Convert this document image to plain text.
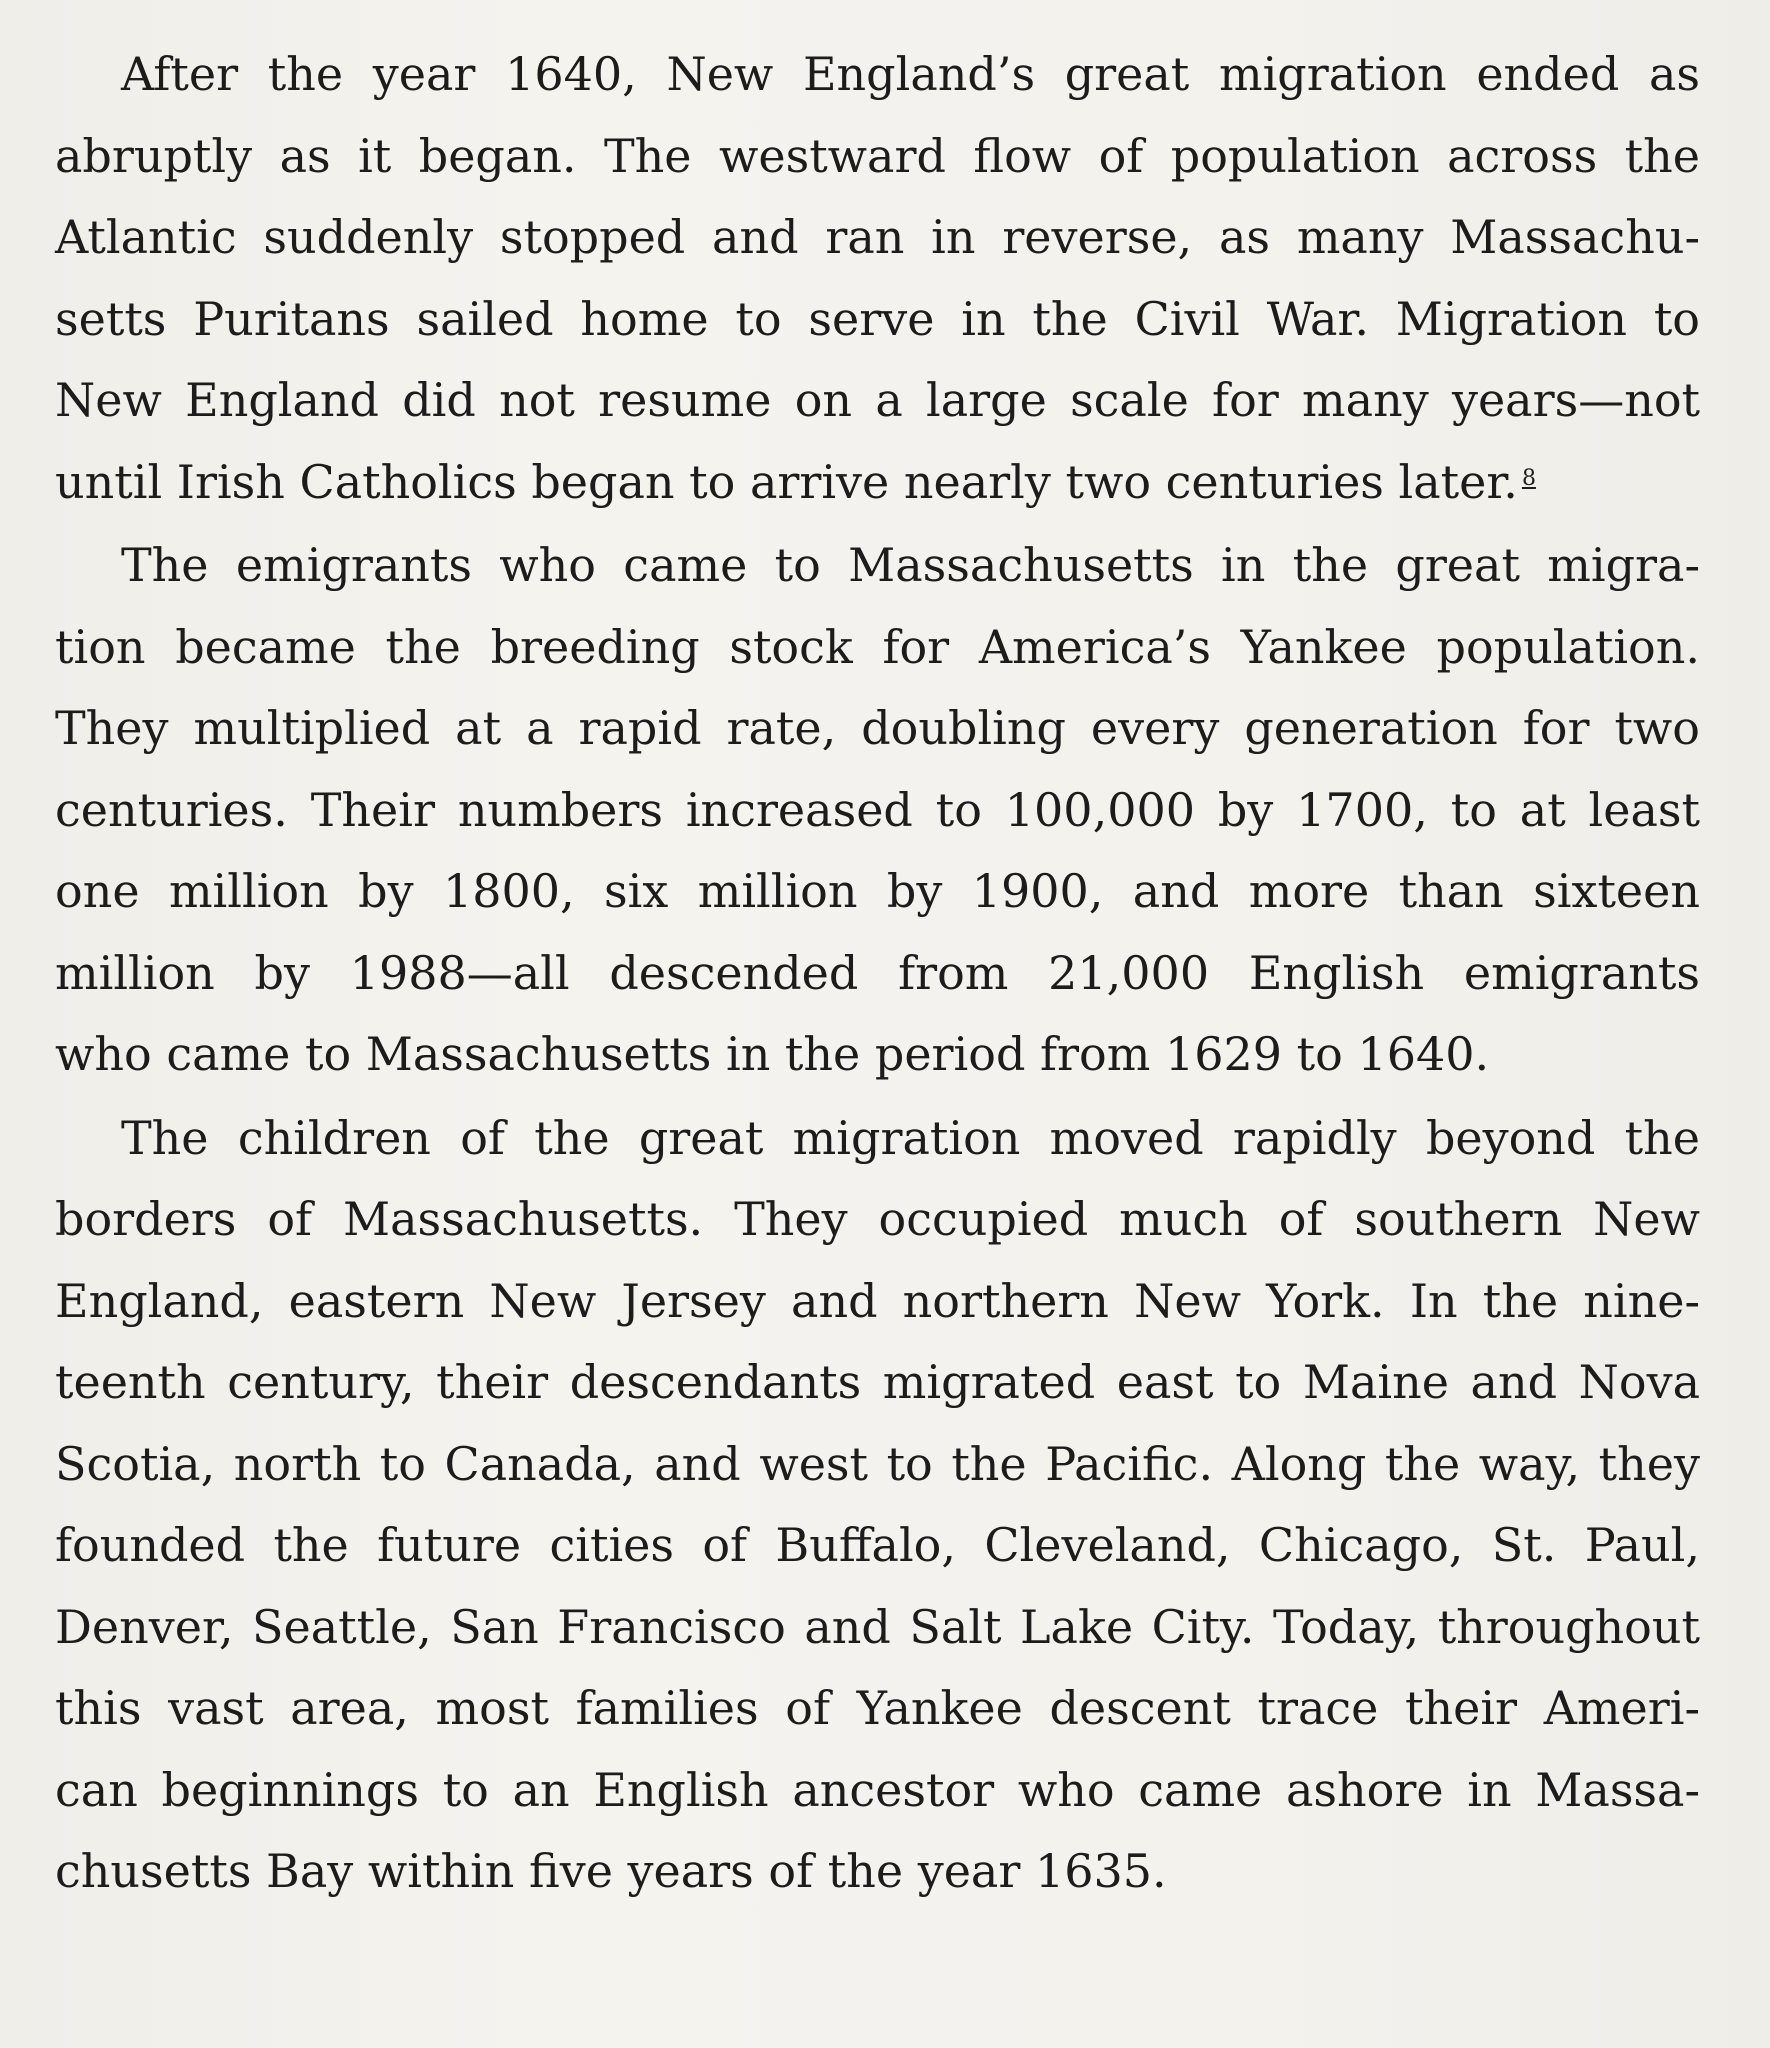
After the year 1640, New England’s great migration ended as
abruptly as it began. The westward flow of population across the
Atlantic suddenly stopped and ran in reverse, as many Massachu-
setts Puritans sailed home to serve in the Civil War. Migration to
New England did not resume on a large scale for many years—not
until Irish Catholics began to arrive nearly two centuries later. $^8$

The emigrants who came to Massachusetts in the great migra-
tion became the breeding stock for America’s Yankee population.
They multiplied at a rapid rate, doubling every generation for two
centuries. Their numbers increased to 100,000 by 1700, to at least
one million by 1800, six million by 1900, and more than sixteen
million by 1988—all descended from 21,000 English emigrants
who came to Massachusetts in the period from 1629 to 1640.

The children of the great migration moved rapidly beyond the
borders of Massachusetts. They occupied much of southern New
England, eastern New Jersey and northern New York. In the nine-
teenth century, their descendants migrated east to Maine and Nova
Scotia, north to Canada, and west to the Pacific. Along the way, they
founded the future cities of Buffalo, Cleveland, Chicago, St. Paul,
Denver, Seattle, San Francisco and Salt Lake City. Today, throughout
this vast area, most families of Yankee descent trace their Ameri-
can beginnings to an English ancestor who came ashore in Massa-
chusetts Bay within five years of the year 1635.
